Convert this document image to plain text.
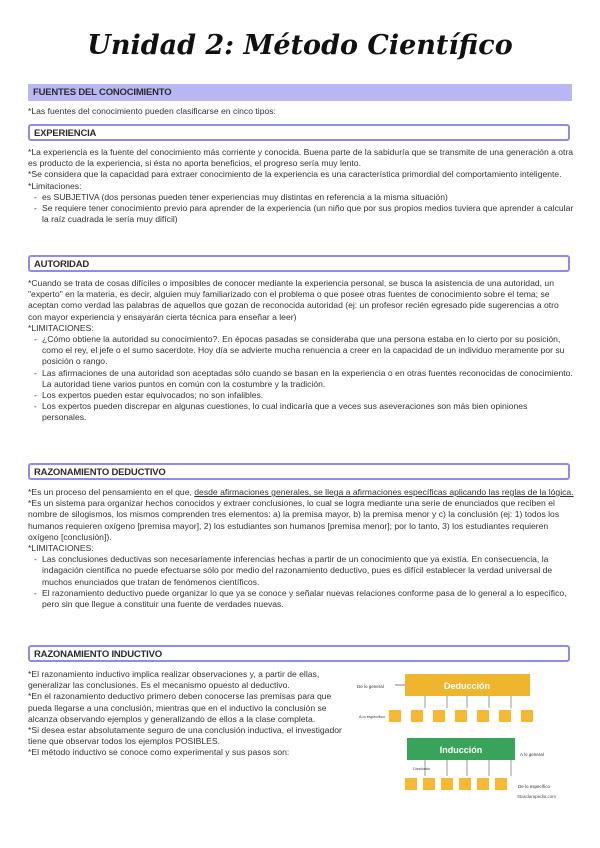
Unidad 2: Método Científico
FUENTES DEL CONOCIMIENTO

*Las fuentes del conocimiento pueden clasificarse en cinco tipos:

EXPERIENCIA

*La experiencia es la fuente del conocimiento más corriente y conocida. Buena parte de la sabiduría que se transmite de una generación a otra es producto de la experiencia, si ésta no aporta beneficios, el progreso sería muy lento.

*Se considera que la capacidad para extraer conocimiento de la experiencia es una característica primordial del comportamiento inteligente.

*Limitaciones:

- es SUBJETIVA (dos personas pueden tener experiencias muy distintas en referencia a la misma situación)
- Se requiere tener conocimiento previo para aprender de la experiencia (un niño que por sus propios medios tuviera que aprender a calcular la raíz cuadrada le sería muy difícil)
AUTORIDAD

*Cuando se trata de cosas difíciles o imposibles de conocer mediante la experiencia personal, se busca la asistencia de una autoridad, un "experto" en la materia, es decir, alguien muy familiarizado con el problema o que posee otras fuentes de conocimiento sobre el tema; se aceptan como verdad las palabras de aquellos que gozan de reconocida autoridad (ej: un profesor recién egresado pide sugerencias a otro con mayor experiencia y ensayarán cierta técnica para enseñar a leer)

*LIMITACIONES:

- ¿Cómo obtiene la autoridad su conocimiento?. En épocas pasadas se consideraba que una persona estaba en lo cierto por su posición, como el rey, el jefe o el sumo sacerdote. Hoy día se advierte mucha renuencia a creer en la capacidad de un individuo meramente por su posición o rango.
- Las afirmaciones de una autoridad son aceptadas sólo cuando se basan en la experiencia o en otras fuentes reconocidas de conocimiento. La autoridad tiene varios puntos en común con la costumbre y la tradición.
- Los expertos pueden estar equivocados; no son infalibles.
- Los expertos pueden discrepar en algunas cuestiones, lo cual indicaría que a veces sus aseveraciones son más bien opiniones personales.
RAZONAMIENTO DEDUCTIVO

*Es un proceso del pensamiento en el que, desde afirmaciones generales, se llega a afirmaciones específicas aplicando las reglas de la lógica.

*Es un sistema para organizar hechos conocidos y extraer conclusiones, lo cual se logra mediante una serie de enunciados que reciben el nombre de silogismos, los mismos comprenden tres elementos: a) la premisa mayor, b) la premisa menor y c) la conclusión (ej: 1) todos los humanos requieren oxígeno [premisa mayor], 2) los estudiantes son humanos [premisa menor]; por lo tanto, 3) los estudiantes requieren oxígeno [conclusión]).

*LIMITACIONES:

- Las conclusiones deductivas son necesariamente inferencias hechas a partir de un conocimiento que ya existía. En consecuencia, la indagación científica no puede efectuarse sólo por medio del razonamiento deductivo, pues es difícil establecer la verdad universal de muchos enunciados que tratan de fenómenos científicos.
- El razonamiento deductivo puede organizar lo que ya se conoce y señalar nuevas relaciones conforme pasa de lo general a lo específico, pero sin que llegue a constituir una fuente de verdades nuevas.
RAZONAMIENTO INDUCTIVO

*El razonamiento inductivo implica realizar observaciones y, a partir de ellas, generalizar las conclusiones. Es el mecanismo opuesto al deductivo.

*En el razonamiento deductivo primero deben conocerse las premisas para que pueda llegarse a una conclusión, mientras que en el inductivo la conclusión se alcanza observando ejemplos y generalizando de ellos a la clase completa.

*Si desea estar absolutamente seguro de una conclusión inductiva, el investigador tiene que observar todos los ejemplos POSIBLES.

*El método inductivo se conoce como experimental y sus pasos son:

Deducción
De lo general
A lo específico
Inducción	A lo general
Conclusión
De lo específico
Standarapedia.com
